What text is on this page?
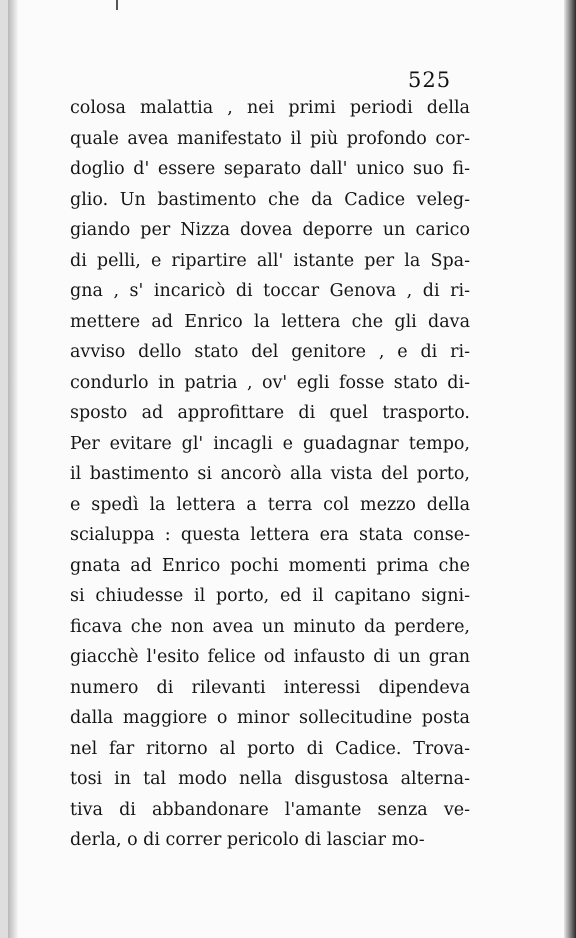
525
colosa malattia , nei primi periodi della
quale avea manifestato il più profondo cor-
doglio d' essere separato dall' unico suo fi-
glio. Un bastimento che da Cadice veleg-
giando per Nizza dovea deporre un carico
di pelli, e ripartire all' istante per la Spa-
gna , s' incaricò di toccar Genova , di ri-
mettere ad Enrico la lettera che gli dava
avviso dello stato del genitore , e di ri-
condurlo in patria , ov' egli fosse stato di-
sposto ad approfittare di quel trasporto.
Per evitare gl' incagli e guadagnar tempo,
il bastimento si ancorò alla vista del porto,
e spedì la lettera a terra col mezzo della
scialuppa : questa lettera era stata conse-
gnata ad Enrico pochi momenti prima che
si chiudesse il porto, ed il capitano signi-
ficava che non avea un minuto da perdere,
giacchè l'esito felice od infausto di un gran
numero di rilevanti interessi dipendeva
dalla maggiore o minor sollecitudine posta
nel far ritorno al porto di Cadice. Trova-
tosi in tal modo nella disgustosa alterna-
tiva di abbandonare l'amante senza ve-
derla, o di correr pericolo di lasciar mo-
